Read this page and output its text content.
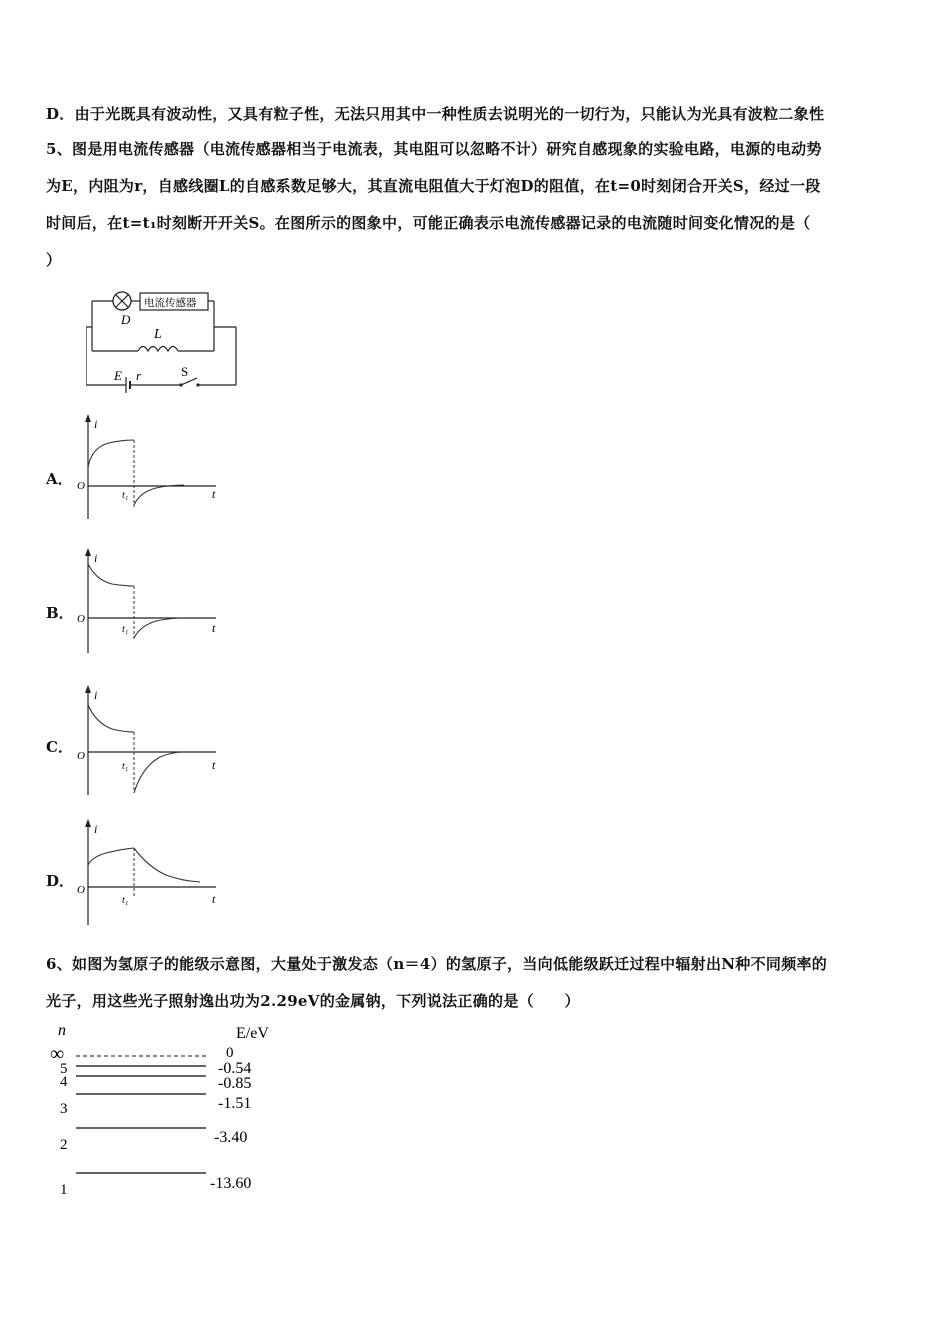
D．由于光既具有波动性，又具有粒子性，无法只用其中一种性质去说明光的一切行为，只能认为光具有波粒二象性
5、图是用电流传感器（电流传感器相当于电流表，其电阻可以忽略不计）研究自感现象的实验电路，电源的电动势
为E，内阻为r，自感线圈L的自感系数足够大，其直流电阻值大于灯泡D的阻值，在t=0时刻闭合开关S，经过一段
时间后，在t=t₁时刻断开开关S。在图所示的图象中，可能正确表示电流传感器记录的电流随时间变化情况的是（
）
D
电流传感器
L
E r	S
A．
i
O
t
t₁
B．
i
O
t
t₁
C．
i
O
t
t₁
D．
i
O
t
t₁
6、如图为氢原子的能级示意图，大量处于激发态（n＝4）的氢原子，当向低能级跃迁过程中辐射出N种不同频率的
光子，用这些光子照射逸出功为2.29eV的金属钠，下列说法正确的是（　　）
n	E/eV
∞	0
5	-0.54
4	-0.85
3	-1.51
2	-3.40
1	-13.60
